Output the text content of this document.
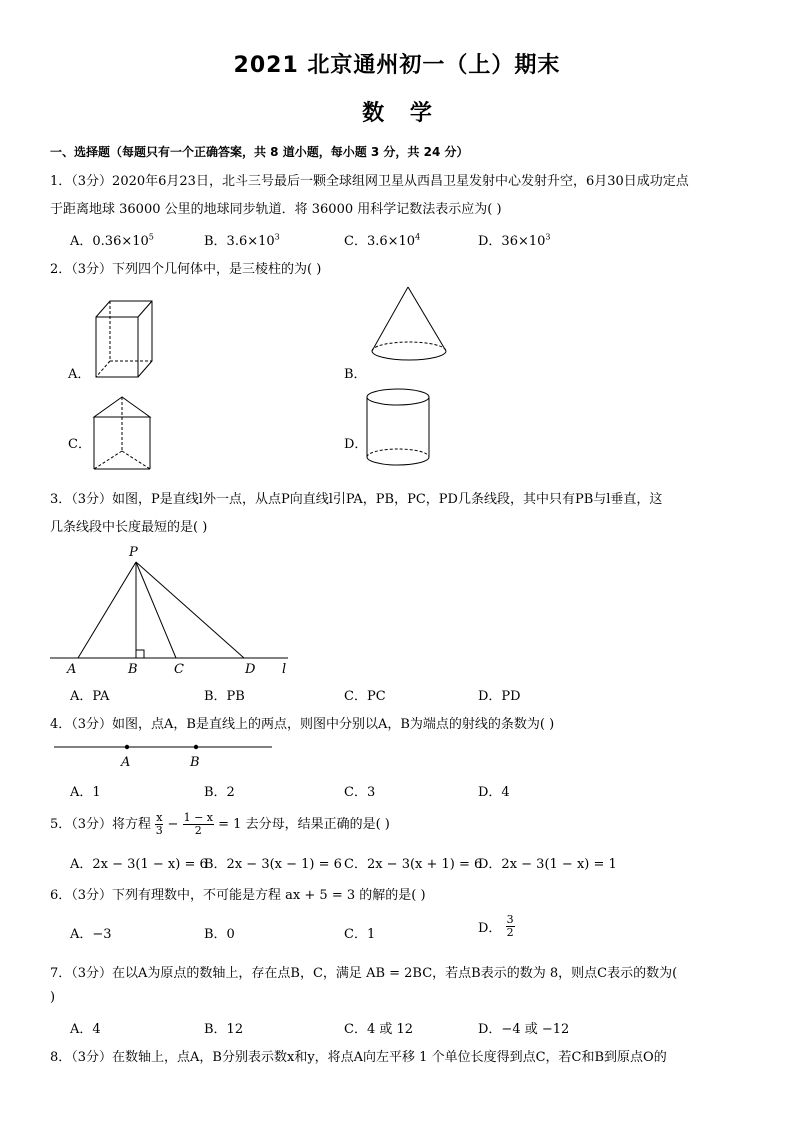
2021 北京通州初一（上）期末
数 学
一、选择题（每题只有一个正确答案，共 8 道小题，每小题 3 分，共 24 分）
1．（3分）2020年6月23日，北斗三号最后一颗全球组网卫星从西昌卫星发射中心发射升空，6月30日成功定点
于距离地球 36000 公里的地球同步轨道．将 36000 用科学记数法表示应为( )
A．$0.36\times 10^5$	B．$3.6\times 10^3$	C．$3.6\times 10^4$	D．$36\times 10^3$
2．（3分）下列四个几何体中，是三棱柱的为( )
A．	B．
C．	D．
3．（3分）如图，P是直线l外一点，从点P向直线l引PA，PB，PC，PD几条线段，其中只有PB与l垂直，这
几条线段中长度最短的是( )
P
A	B	C	D l
A．PA	B．PB	C．PC	D．PD
4．（3分）如图，点A，B是直线上的两点，则图中分别以A，B为端点的射线的条数为( )
A	B
A．1	B．2	C．3	D．4
5．（3分）将方程 $\frac{x}{3} - \frac{1 - x}{2} = 1$ 去分母，结果正确的是( )
A．2x − 3(1 − x) = 6
B．2x − 3(x − 1) = 6 C．2x − 3(x + 1) = 6
D．2x − 3(1 − x) = 1
6．（3分）下列有理数中，不可能是方程 ax + 5 = 3 的解的是( )
A．−3	B．0	C．1	D． $\frac{3}{2}$
7．（3分）在以A为原点的数轴上，存在点B，C，满足 AB = 2BC，若点B表示的数为 8，则点C表示的数为(
)
A．4	B．12	C．4 或 12	D．−4 或 −12
8．（3分）在数轴上，点A，B分别表示数x和y，将点A向左平移 1 个单位长度得到点C，若C和B到原点O的
